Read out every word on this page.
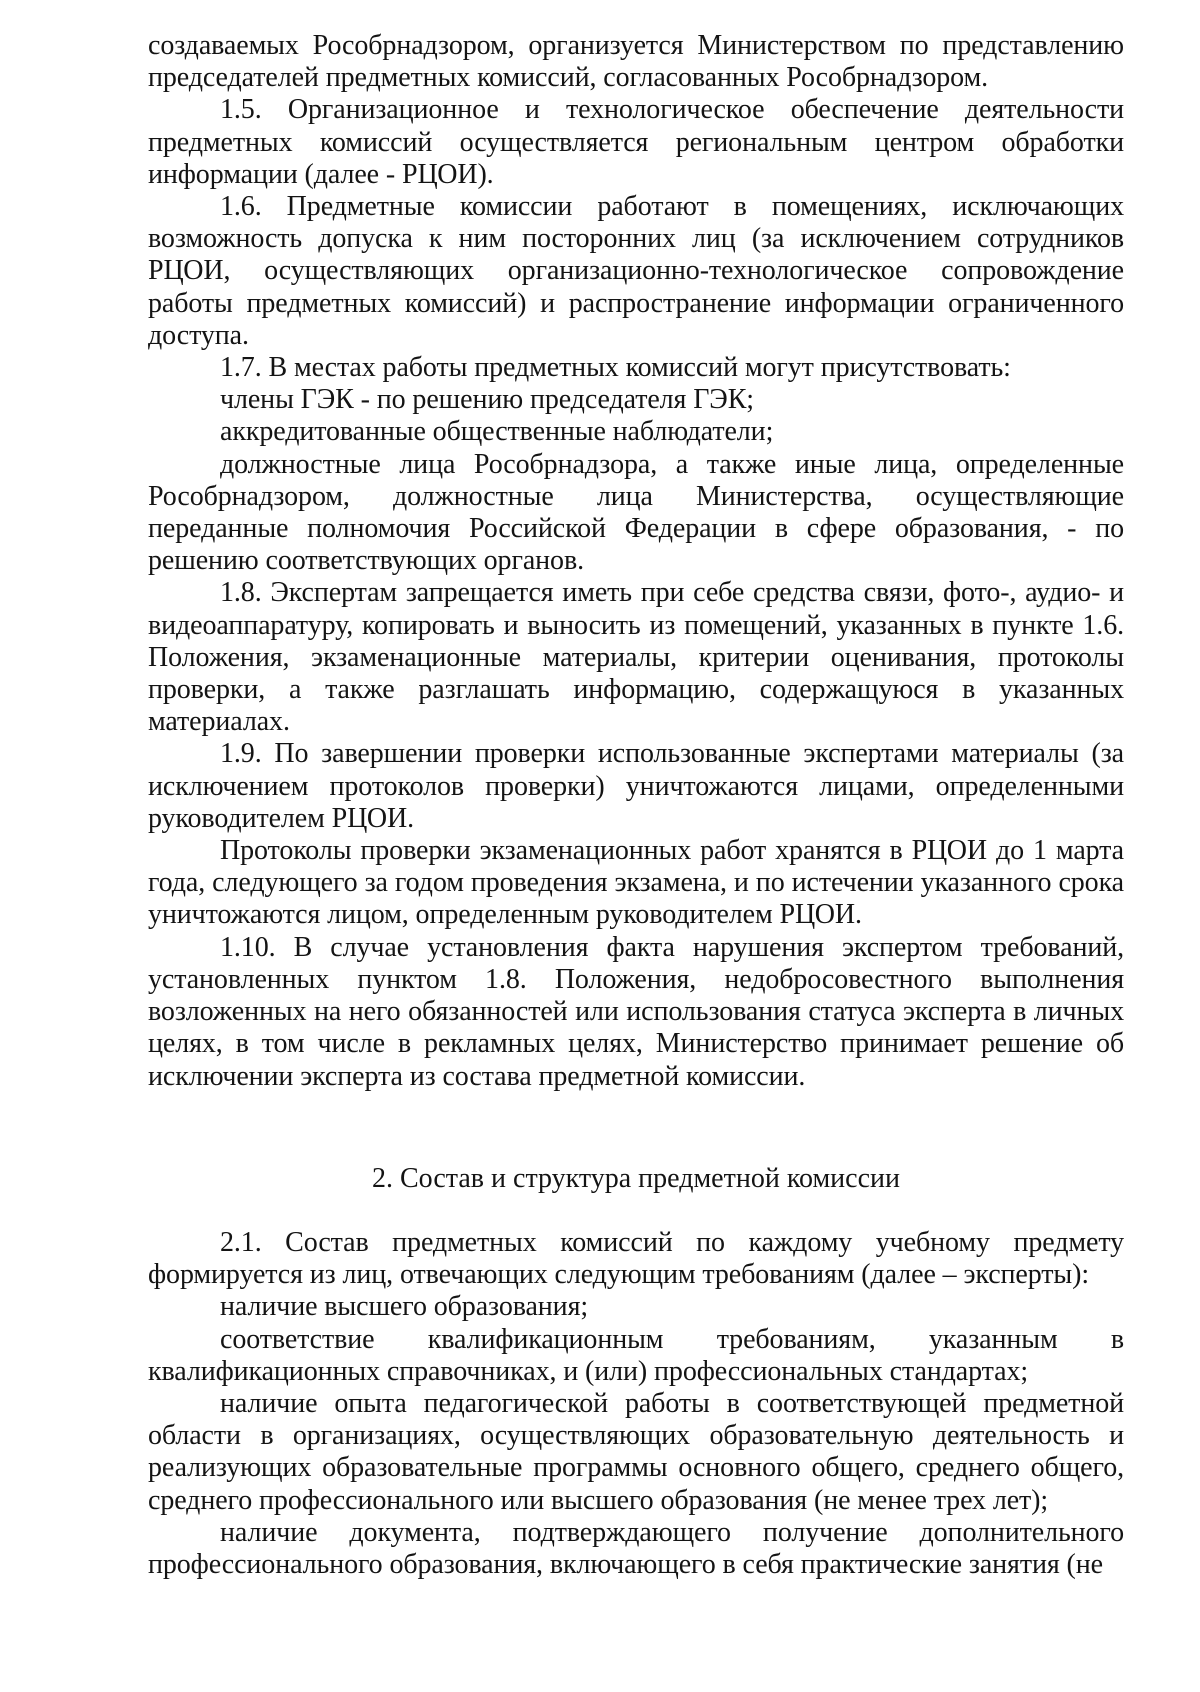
создаваемых Рособрнадзором, организуется Министерством по представлению председателей предметных комиссий, согласованных Рособрнадзором.

1.5. Организационное и технологическое обеспечение деятельности предметных комиссий осуществляется региональным центром обработки информации (далее - РЦОИ).

1.6. Предметные комиссии работают в помещениях, исключающих возможность допуска к ним посторонних лиц (за исключением сотрудников РЦОИ, осуществляющих организационно-технологическое сопровождение работы предметных комиссий) и распространение информации ограниченного доступа.

1.7. В местах работы предметных комиссий могут присутствовать:

члены ГЭК - по решению председателя ГЭК;

аккредитованные общественные наблюдатели;

должностные лица Рособрнадзора, а также иные лица, определенные Рособрнадзором, должностные лица Министерства, осуществляющие переданные полномочия Российской Федерации в сфере образования, - по решению соответствующих органов.

1.8. Экспертам запрещается иметь при себе средства связи, фото-, аудио- и видеоаппаратуру, копировать и выносить из помещений, указанных в пункте 1.6. Положения, экзаменационные материалы, критерии оценивания, протоколы проверки, а также разглашать информацию, содержащуюся в указанных материалах.

1.9. По завершении проверки использованные экспертами материалы (за исключением протоколов проверки) уничтожаются лицами, определенными руководителем РЦОИ.

Протоколы проверки экзаменационных работ хранятся в РЦОИ до 1 марта года, следующего за годом проведения экзамена, и по истечении указанного срока уничтожаются лицом, определенным руководителем РЦОИ.

1.10. В случае установления факта нарушения экспертом требований, установленных пунктом 1.8. Положения, недобросовестного выполнения возложенных на него обязанностей или использования статуса эксперта в личных целях, в том числе в рекламных целях, Министерство принимает решение об исключении эксперта из состава предметной комиссии.

2. Состав и структура предметной комиссии

2.1. Состав предметных комиссий по каждому учебному предмету формируется из лиц, отвечающих следующим требованиям (далее – эксперты):

наличие высшего образования;

соответствие квалификационным требованиям, указанным в квалификационных справочниках, и (или) профессиональных стандартах;

наличие опыта педагогической работы в соответствующей предметной области в организациях, осуществляющих образовательную деятельность и реализующих образовательные программы основного общего, среднего общего, среднего профессионального или высшего образования (не менее трех лет);

наличие документа, подтверждающего получение дополнительного профессионального образования, включающего в себя практические занятия (не
